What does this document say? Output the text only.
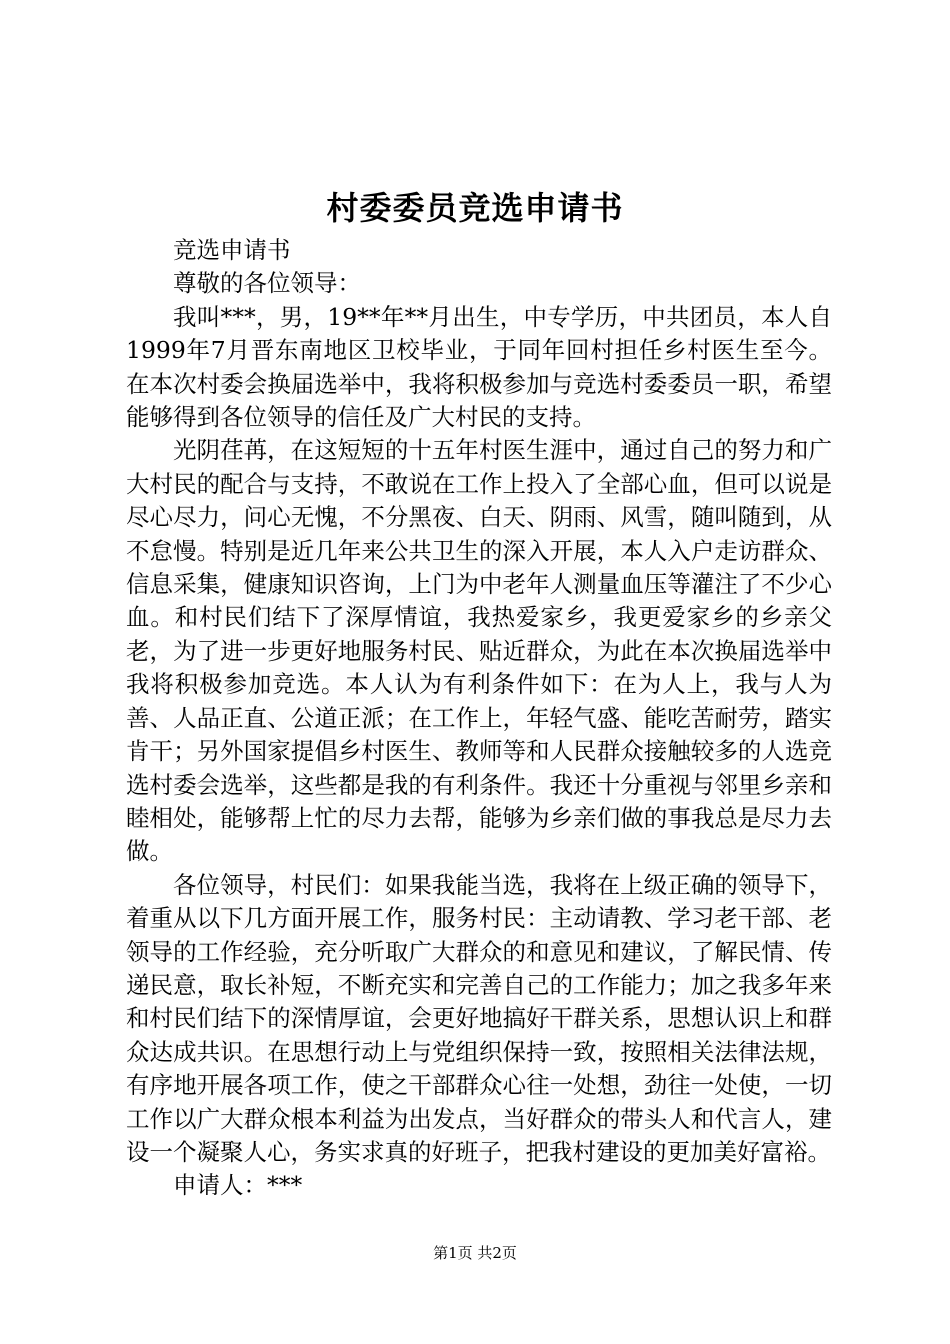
村委委员竞选申请书

竞选申请书

尊敬的各位领导：

我叫***，男，19**年**月出生，中专学历，中共团员，本人自1999年7月晋东南地区卫校毕业，于同年回村担任乡村医生至今。在本次村委会换届选举中，我将积极参加与竞选村委委员一职，希望能够得到各位领导的信任及广大村民的支持。

光阴荏苒，在这短短的十五年村医生涯中，通过自己的努力和广大村民的配合与支持，不敢说在工作上投入了全部心血，但可以说是尽心尽力，问心无愧，不分黑夜、白天、阴雨、风雪，随叫随到，从不怠慢。特别是近几年来公共卫生的深入开展，本人入户走访群众、信息采集，健康知识咨询，上门为中老年人测量血压等灌注了不少心血。和村民们结下了深厚情谊，我热爱家乡，我更爱家乡的乡亲父老，为了进一步更好地服务村民、贴近群众，为此在本次换届选举中我将积极参加竞选。本人认为有利条件如下：在为人上，我与人为善、人品正直、公道正派；在工作上，年轻气盛、能吃苦耐劳，踏实肯干；另外国家提倡乡村医生、教师等和人民群众接触较多的人选竞选村委会选举，这些都是我的有利条件。我还十分重视与邻里乡亲和睦相处，能够帮上忙的尽力去帮，能够为乡亲们做的事我总是尽力去做。

各位领导，村民们：如果我能当选，我将在上级正确的领导下，着重从以下几方面开展工作，服务村民：主动请教、学习老干部、老领导的工作经验，充分听取广大群众的和意见和建议，了解民情、传递民意，取长补短，不断充实和完善自己的工作能力；加之我多年来和村民们结下的深情厚谊，会更好地搞好干群关系，思想认识上和群众达成共识。在思想行动上与党组织保持一致，按照相关法律法规，有序地开展各项工作，使之干部群众心往一处想，劲往一处使，一切工作以广大群众根本利益为出发点，当好群众的带头人和代言人，建设一个凝聚人心，务实求真的好班子，把我村建设的更加美好富裕。

申请人：***

第1页 共2页
